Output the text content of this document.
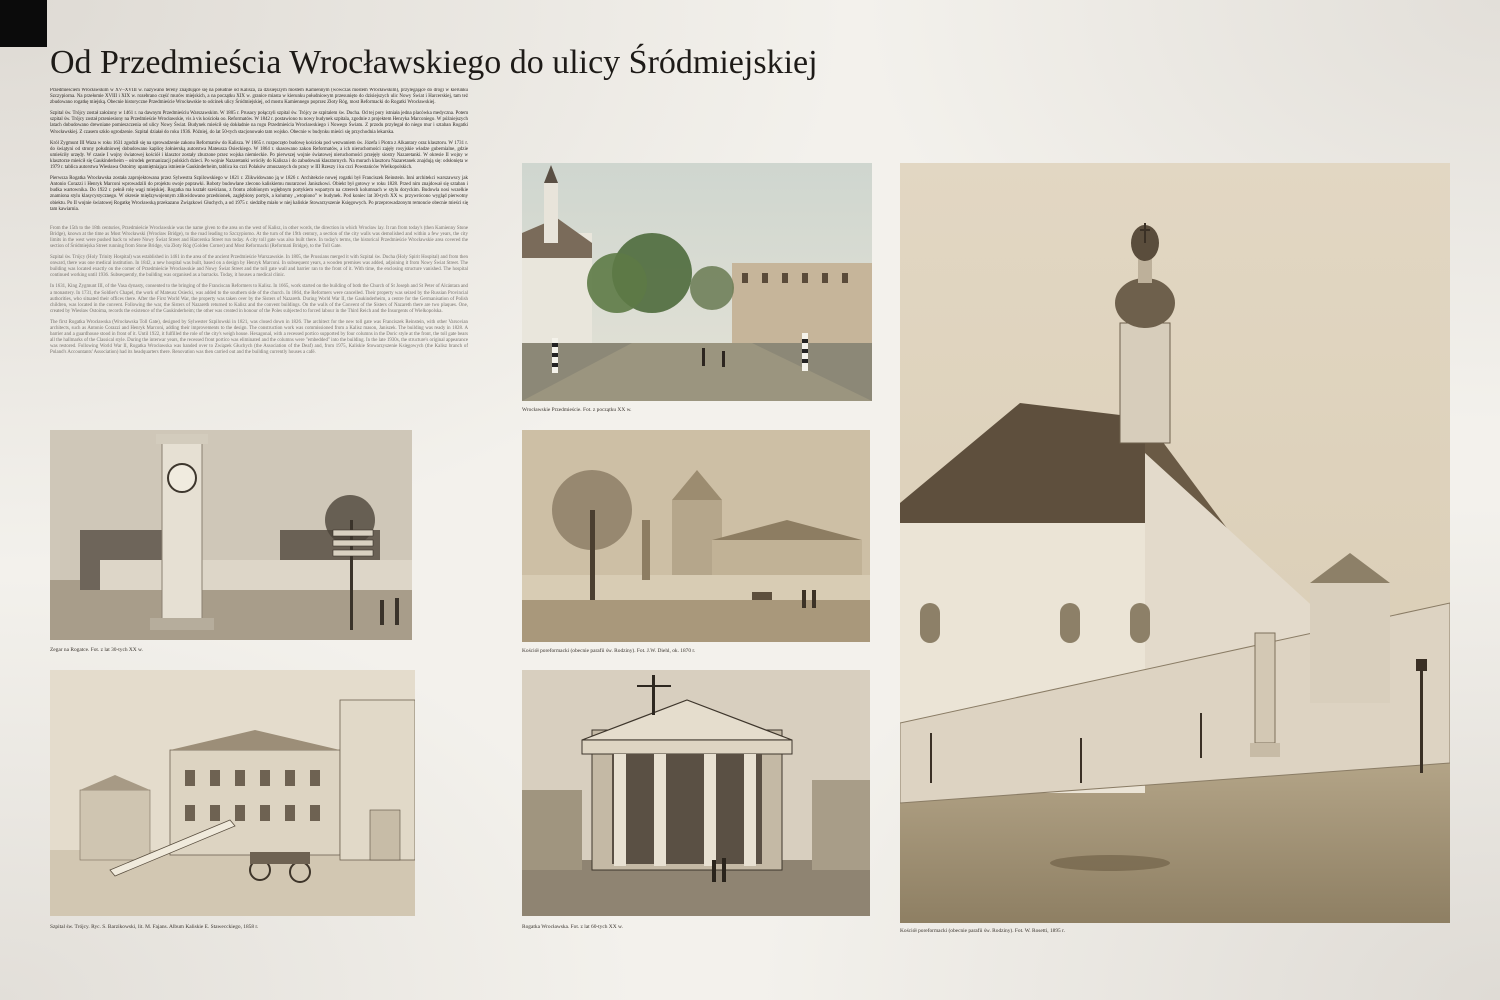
Od Przedmieścia Wrocławskiego do ulicy Śródmiejskiej

Przedmieściem Wrocławskim w XV–XVIII w. nazywano tereny znajdujące się na południe od Kalisza, za dzisiejszym mostem Kamiennym (wówczas mostem Wrocławskim), przylegające do drogi w kierunku Szczypiorna. Na przełomie XVIII i XIX w. rozebrano część murów miejskich, a na początku XIX w. granice miasta w kierunku południowym przesunięto do dzisiejszych ulic Nowy Świat i Harcerskiej, tam też zbudowano rogatkę miejską. Obecnie historyczne Przedmieście Wrocławskie to odcinek ulicy Śródmiejskiej, od mostu Kamiennego poprzez Złoty Róg, most Reformacki do Rogatki Wrocławskiej.

Szpital św. Trójcy został założony w 1461 r. na dawnym Przedmieściu Warszawskim. W 1805 r. Prusacy połączyli szpital św. Trójcy ze szpitalem św. Ducha. Od tej pory istniała jedna placówka medyczna. Potem szpital św. Trójcy został przeniesiony na Przedmieście Wrocławskie, vis à vis kościoła oo. Reformatów. W 1842 r. postawiono tu nowy budynek szpitala, zgodnie z projektem Henryka Marconiego. W późniejszych latach dobudowano drewniane pomieszczenia od ulicy Nowy Świat. Budynek mieścił się dokładnie na rogu Przedmieścia Wrocławskiego i Nowego Światu. Z przodu przylegał do niego mur i sztaban Rogatki Wrocławskiej. Z czasem szkło ogrodzenie. Szpital działał do roku 1936. Później, do lat 50-tych stacjonowało tam wojsko. Obecnie w budynku mieści się przychodnia lekarska.

Król Zygmunt III Waza w roku 1631 zgodził się na sprowadzenie zakonu Reformatów do Kalisza. W 1665 r. rozpoczęto budowę kościoła pod wezwaniem św. Józefa i Piotra z Alkantary oraz klasztoru. W 1731 r. do świątyni od strony południowej dobudowano kaplicę żołnierską autorstwa Mateusza Osieckiego. W 1864 r. skasowano zakon Reformatów, a ich nieruchomości zajęły rosyjskie władze gubernialne, gdzie umieściły urzędy. W czasie I wojny światowej kościół i klasztor zostały zburzone przez wojska niemieckie. Po pierwszej wojnie światowej nieruchomości przejęły siostry Nazaretanki. W okresie II wojny w klasztorze mieścił się Gaukinderheim – ośrodek germanizacji polskich dzieci. Po wojnie Nazaretanki wróciły do Kalisza i do zabudowań klasztornych. Na murach klasztoru Nazaretanek znajdują się: odsłonięta w 1979 r. tablica autorstwa Wiesława Ostoimy upamiętniająca istnienie Gaukinderheim, tablica ku czci Polaków zmuszanych do pracy w III Rzeszy i ku czci Powstańców Wielkopolskich.

Pierwsza Rogatka Wrocławska została zaprojektowana przez Sylwestra Szpilowskiego w 1821 r. Zlikwidowano ją w 1826 r. Architekcie nowej rogatki był Franciszek Reinstein. Inni architekci warszawscy jak Antonio Corazzi i Henryk Marconi wprowadzili do projektu swoje poprawki. Roboty budowlane zlecono kaliskiemu murarzowi Janiszkowi. Obiekt był gotowy w roku 1828. Przed nim znajdował się sztaban i budka wartownika. Do 1922 r. pełnił rolę wagi miejskiej. Rogatka ma kształt sześcianu, z frontu zdobionym wgłębnym portykiem wspartym na czterech kolumnach w stylu doryckim. Budowla nosi wszelkie znamiona stylu klasycystycznego. W okresie międzywojennym zlikwidowano przedsionek, zaglębiony portyk, a kolumny „wtopiono” w budynek. Pod koniec lat 30-tych XX w. przywrócono wygląd pierwotny obiektu. Po II wojnie światowej Rogatkę Wrocławską przekazano Związkowi Głuchych, a od 1975 r. siedzibę miało w niej kaliskie Stowarzyszenie Księgowych. Po przeprowadzonym remoncie obecnie mieści się tam kawiarnia.

From the 15th to the 18th centuries, Przedmieście Wrocławskie was the name given to the area on the west of Kalisz, in other words, the direction in which Wrocław lay. It ran from today's (then Kamienny Stone Bridge), known at the time as Most Wrocławski (Wrocław Bridge), to the road leading to Szczypiorno. At the turn of the 19th century, a section of the city walls was demolished and within a few years, the city limits in the west were pushed back to where Nowy Świat Street and Harcerska Street run today. A city toll gate was also built there. In today's terms, the historical Przedmieście Wrocławskie area covered the section of Śródmiejska Street running from Stone Bridge, via Złoty Róg (Golden Corner) and Most Reformacki (Reformati Bridge), to the Toll Gate.

Szpital św. Trójcy (Holy Trinity Hospital) was established in 1461 in the area of the ancient Przedmieście Warszawskie. In 1805, the Prussians merged it with Szpital św. Ducha (Holy Spirit Hospital) and from then onward, there was one medical institution. In 1842, a new hospital was built, based on a design by Henryk Marconi. In subsequent years, a wooden premises was added, adjoining it from Nowy Świat Street. The building was located exactly on the corner of Przedmieście Wrocławskie and Nowy Świat Street and the toll gate wall and barrier ran to the front of it. With time, the enclosing structure vanished. The hospital continued working until 1936. Subsequently, the building was organised as a barracks. Today, it houses a medical clinic.

In 1631, King Zygmunt III, of the Vasa dynasty, consented to the bringing of the Franciscan Reformers to Kalisz. In 1665, work started on the building of both the Church of St Joseph and St Peter of Alcántara and a monastery. In 1731, the Soldier's Chapel, the work of Mateusz Osiecki, was added to the southern side of the church. In 1864, the Reformers were cancelled. Their property was seized by the Russian Provincial authorities, who situated their offices there. After the First World War, the property was taken over by the Sisters of Nazareth. During World War II, the Gaukinderheim, a centre for the Germanisation of Polish children, was located in the convent. Following the war, the Sisters of Nazareth returned to Kalisz and the convent buildings. On the walls of the Convent of the Sisters of Nazareth there are two plaques. One, created by Wiesław Ostoima, records the existence of the Gaukinderheim; the other was created in honour of the Poles subjected to forced labour in the Third Reich and the Insurgents of Wielkopolska.

The first Rogatka Wrocławska (Wrocławska Toll Gate), designed by Sylwester Szpilowski in 1821, was closed down in 1826. The architect for the new toll gate was Franciszek Reinstein, with other Varsovian architects, such as Antonio Corazzi and Henryk Marconi, adding their improvements to the design. The construction work was commissioned from a Kalisz mason, Janiszek. The building was ready in 1828. A barrier and a guardhouse stood in front of it. Until 1922, it fulfilled the role of the city's weigh house. Hexagonal, with a recessed portico supported by four columns in the Doric style at the front, the toll gate bears all the hallmarks of the Classical style. During the interwar years, the recessed front portico was eliminated and the columns were "embedded" into the building. In the late 1930s, the structure's original appearance was restored. Following World War II, Rogatka Wrocławska was handed over to Związek Głuchych (the Association of the Deaf) and, from 1975, Kaliskie Stowarzyszenie Księgowych (the Kalisz branch of Poland's Accountants' Association) had its headquarters there. Renovation was then carried out and the building currently houses a café.

Wrocławskie Przedmieście. Fot. z początku XX w.
Zegar na Rogatce. Fot. z lat 30-tych XX w.	Kościół poreformacki (obecnie parafii św. Rodziny). Fot. J.W. Diehl, ok. 1870 r.
Szpital św. Trójcy. Ryc. S. Barzikowski, lit. M. Fajans. Album Kaliskie E. Stawecckiego, 1858 r.	Rogatka Wrocławska. Fot. z lat 60-tych XX w.
Kościół poreformacki (obecnie parafii św. Rodziny). Fot. W. Rosetti, 1895 r.
